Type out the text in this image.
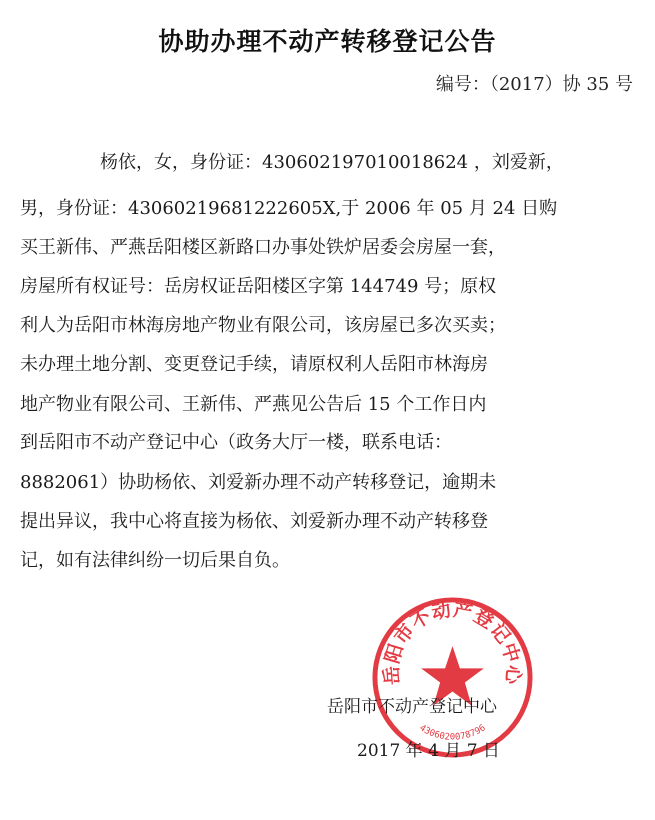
协助办理不动产转移登记公告
编号：（2017）协 35 号
杨依，女，身份证：430602197010018624 ，刘爱新，
男，身份证：43060219681222605X,于 2006 年 05 月 24 日购
买王新伟、严燕岳阳楼区新路口办事处铁炉居委会房屋一套，
房屋所有权证号：岳房权证岳阳楼区字第 144749 号；原权
利人为岳阳市林海房地产物业有限公司，该房屋已多次买卖；
未办理土地分割、变更登记手续，请原权利人岳阳市林海房
地产物业有限公司、王新伟、严燕见公告后 15 个工作日内
到岳阳市不动产登记中心（政务大厅一楼，联系电话：
8882061）协助杨依、刘爱新办理不动产转移登记，逾期未
提出异议，我中心将直接为杨依、刘爱新办理不动产转移登
记，如有法律纠纷一切后果自负。
岳阳市不动产登记中心
4306020078796
岳阳市不动产登记中心
2017 年 4 月 7 日
